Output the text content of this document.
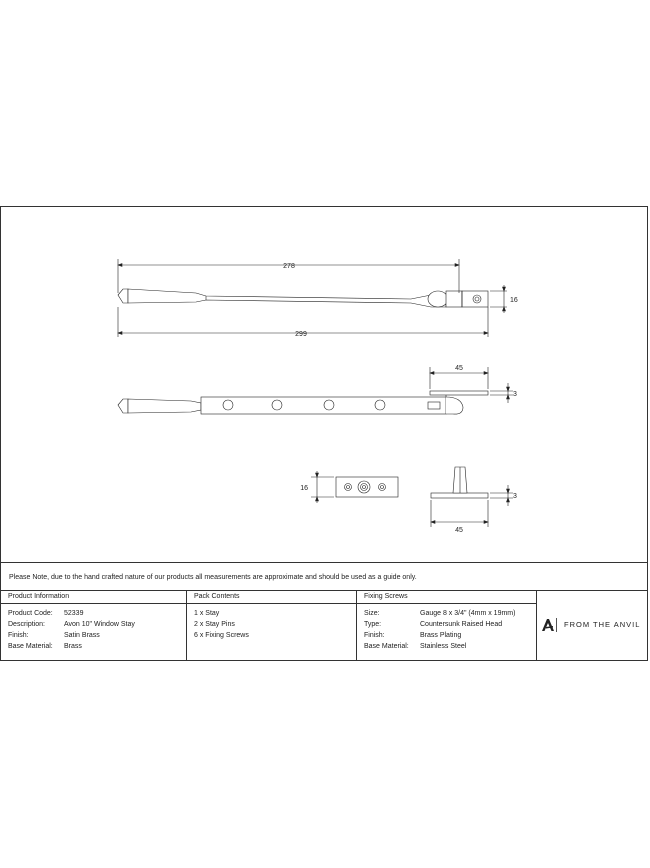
278
299
16
45
3
16
3
45
Please Note, due to the hand crafted nature of our products all measurements are approximate and should be used as a guide only.
Product Information
Product Code: 52339
Description:	Avon 10" Window Stay
Finish:	Satin Brass
Base Material: Brass
Pack Contents
1 x Stay
2 x Stay Pins
6 x Fixing Screws
Fixing Screws
Size:	Gauge 8 x 3/4" (4mm x 19mm)
Type:	Countersunk Raised Head
Finish:	Brass Plating
Base Material: Stainless Steel
FROM THE ANVIL
